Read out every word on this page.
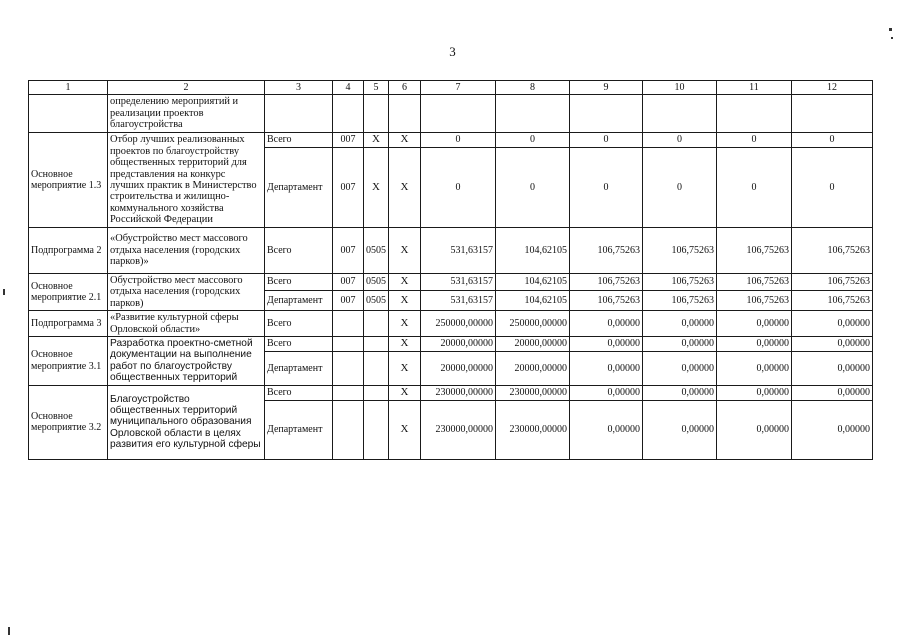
3
1	2	3	4	5	6	7	8	9	10	11	12
	определению мероприятий и реализации проектов благоустройства										
Основное мероприятие 1.3	Отбор лучших реализованных проектов по благоустройству общественных территорий для представления на конкурс лучших практик в Министерство строительства и жилищно-коммунального хозяйства Российской Федерации	Всего	007	X	X	0	0	0	0	0	0
		Департамент	007	X	X	0	0	0	0	0	0
Подпрограмма 2	«Обустройство мест массового отдыха населения (городских парков)»	Всего	007	0505	X	531,63157	104,62105	106,75263	106,75263	106,75263	106,75263
Основное мероприятие 2.1	Обустройство мест массового отдыха населения (городских парков)	Всего	007	0505	X	531,63157	104,62105	106,75263	106,75263	106,75263	106,75263
		Департамент	007	0505	X	531,63157	104,62105	106,75263	106,75263	106,75263	106,75263
Подпрограмма 3	«Развитие культурной сферы Орловской области»	Всего			X	250000,00000	250000,00000	0,00000	0,00000	0,00000	0,00000
Основное мероприятие 3.1	Разработка проектно-сметной документации на выполнение работ по благоустройству общественных территорий	Всего			X	20000,00000	20000,00000	0,00000	0,00000	0,00000	0,00000
		Департамент			X	20000,00000	20000,00000	0,00000	0,00000	0,00000	0,00000
Основное мероприятие 3.2	Благоустройство общественных территорий муниципального образования Орловской области в целях развития его культурной сферы	Всего			X	230000,00000	230000,00000	0,00000	0,00000	0,00000	0,00000
		Департамент			X	230000,00000	230000,00000	0,00000	0,00000	0,00000	0,00000
